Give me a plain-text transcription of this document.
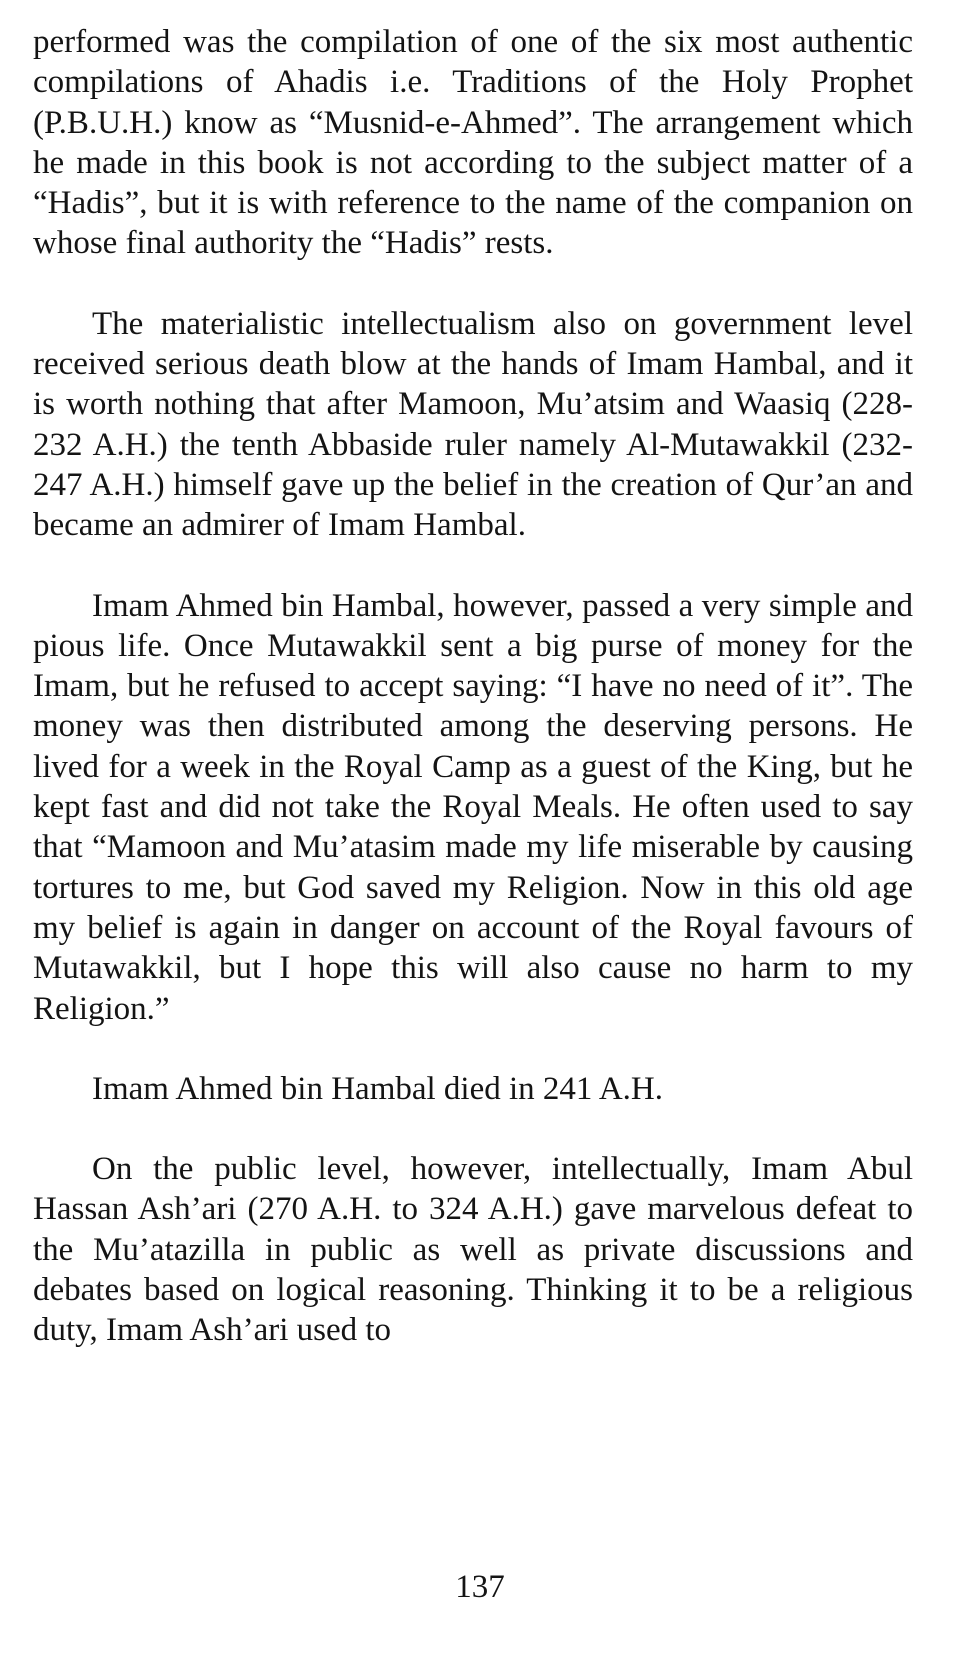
performed was the compilation of one of the six most authentic compilations of Ahadis i.e. Traditions of the Holy Prophet (P.B.U.H.) know as “Musnid-e-Ahmed”. The arrangement which he made in this book is not according to the subject matter of a “Hadis”, but it is with reference to the name of the companion on whose final authority the “Hadis” rests.

The materialistic intellectualism also on government level received serious death blow at the hands of Imam Hambal, and it is worth nothing that after Mamoon, Mu’atsim and Waasiq (228-232 A.H.) the tenth Abbaside ruler namely Al-Mutawakkil (232-247 A.H.) himself gave up the belief in the creation of Qur’an and became an admirer of Imam Hambal.

Imam Ahmed bin Hambal, however, passed a very simple and pious life. Once Mutawakkil sent a big purse of money for the Imam, but he refused to accept saying: “I have no need of it”. The money was then distributed among the deserving persons. He lived for a week in the Royal Camp as a guest of the King, but he kept fast and did not take the Royal Meals. He often used to say that “Mamoon and Mu’atasim made my life miserable by causing tortures to me, but God saved my Religion. Now in this old age my belief is again in danger on account of the Royal favours of Mutawakkil, but I hope this will also cause no harm to my Religion.”

Imam Ahmed bin Hambal died in 241 A.H.

On the public level, however, intellectually, Imam Abul Hassan Ash’ari (270 A.H. to 324 A.H.) gave marvelous defeat to the Mu’atazilla in public as well as private discussions and debates based on logical reasoning. Thinking it to be a religious duty, Imam Ash’ari used to

137
